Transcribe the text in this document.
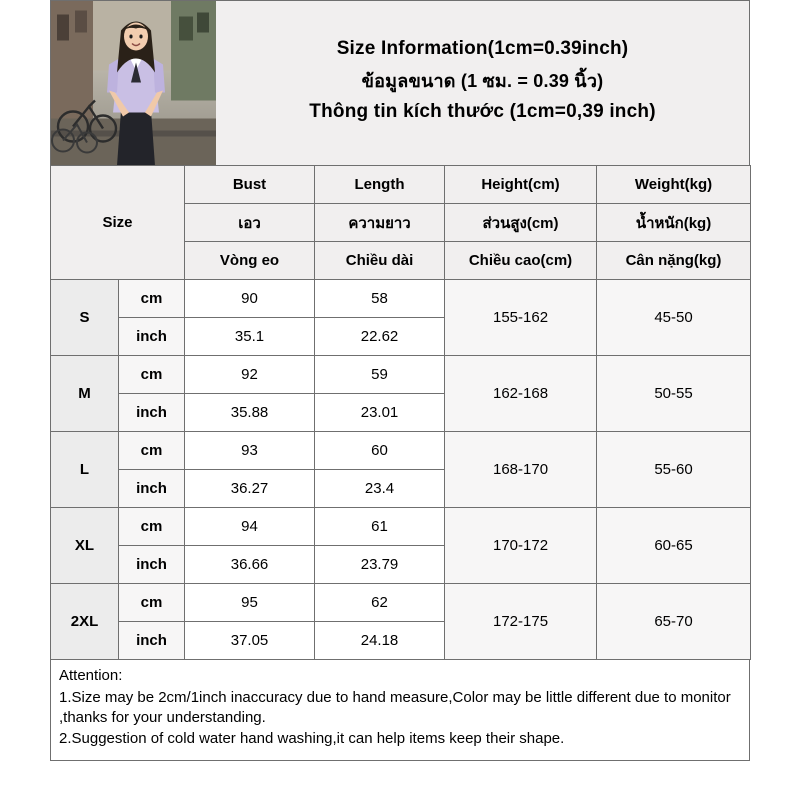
Size Information(1cm=0.39inch)
ข้อมูลขนาด (1 ซม. = 0.39 นิ้ว)
Thông tin kích thước (1cm=0,39 inch)
Size		Bust	Length	Height(cm)	Weight(kg)
		เอว	ความยาว	ส่วนสูง(cm)	น้ำหนัก(kg)
		Vòng eo	Chiều dài	Chiều cao(cm)	Cân nặng(kg)
S	cm	90	58	155-162	45-50
	inch	35.1	22.62		
M	cm	92	59	162-168	50-55
	inch	35.88	23.01		
L	cm	93	60	168-170	55-60
	inch	36.27	23.4		
XL	cm	94	61	170-172	60-65
	inch	36.66	23.79		
2XL	cm	95	62	172-175	65-70
	inch	37.05	24.18		
Attention:
1.Size may be 2cm/1inch inaccuracy due to hand measure,Color may be little different due to monitor ,thanks for your understanding.
2.Suggestion of cold water hand washing,it can help items keep their shape.
